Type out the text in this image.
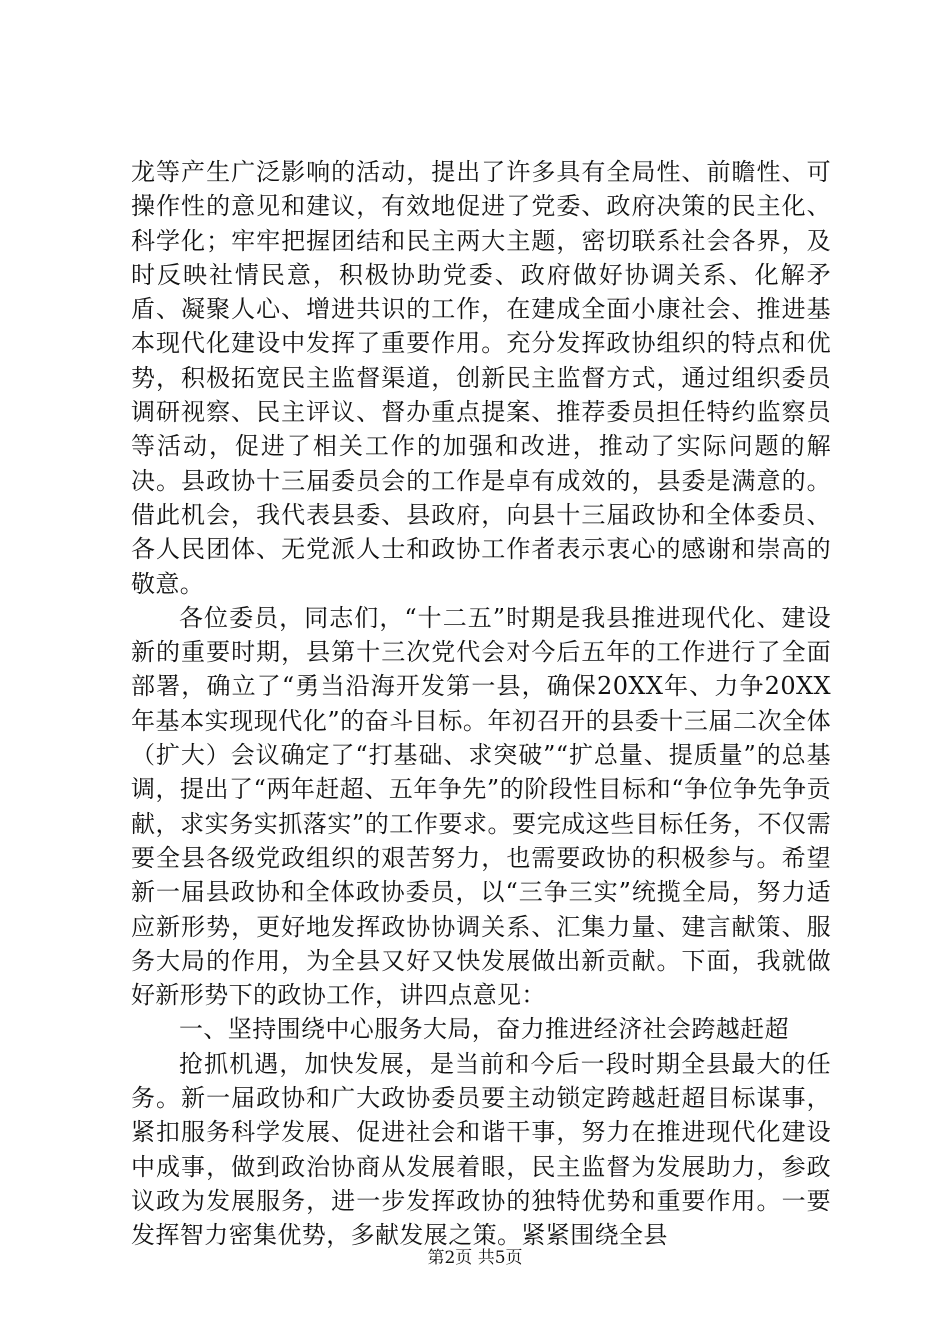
龙等产生广泛影响的活动，提出了许多具有全局性、前瞻性、可操作性的意见和建议，有效地促进了党委、政府决策的民主化、科学化；牢牢把握团结和民主两大主题，密切联系社会各界，及时反映社情民意，积极协助党委、政府做好协调关系、化解矛盾、凝聚人心、增进共识的工作，在建成全面小康社会、推进基本现代化建设中发挥了重要作用。充分发挥政协组织的特点和优势，积极拓宽民主监督渠道，创新民主监督方式，通过组织委员调研视察、民主评议、督办重点提案、推荐委员担任特约监察员等活动，促进了相关工作的加强和改进，推动了实际问题的解决。县政协十三届委员会的工作是卓有成效的，县委是满意的。借此机会，我代表县委、县政府，向县十三届政协和全体委员、各人民团体、无党派人士和政协工作者表示衷心的感谢和崇高的敬意。

各位委员，同志们，“十二五”时期是我县推进现代化、建设新的重要时期，县第十三次党代会对今后五年的工作进行了全面部署，确立了“勇当沿海开发第一县，确保20XX年、力争20XX年基本实现现代化”的奋斗目标。年初召开的县委十三届二次全体（扩大）会议确定了“打基础、求突破”“扩总量、提质量”的总基调，提出了“两年赶超、五年争先”的阶段性目标和“争位争先争贡献，求实务实抓落实”的工作要求。要完成这些目标任务，不仅需要全县各级党政组织的艰苦努力，也需要政协的积极参与。希望新一届县政协和全体政协委员，以“三争三实”统揽全局，努力适应新形势，更好地发挥政协协调关系、汇集力量、建言献策、服务大局的作用，为全县又好又快发展做出新贡献。下面，我就做好新形势下的政协工作，讲四点意见：

一、坚持围绕中心服务大局，奋力推进经济社会跨越赶超

抢抓机遇，加快发展，是当前和今后一段时期全县最大的任务。新一届政协和广大政协委员要主动锁定跨越赶超目标谋事，紧扣服务科学发展、促进社会和谐干事，努力在推进现代化建设中成事，做到政治协商从发展着眼，民主监督为发展助力，参政议政为发展服务，进一步发挥政协的独特优势和重要作用。一要发挥智力密集优势，多献发展之策。紧紧围绕全县

第2页 共5页
